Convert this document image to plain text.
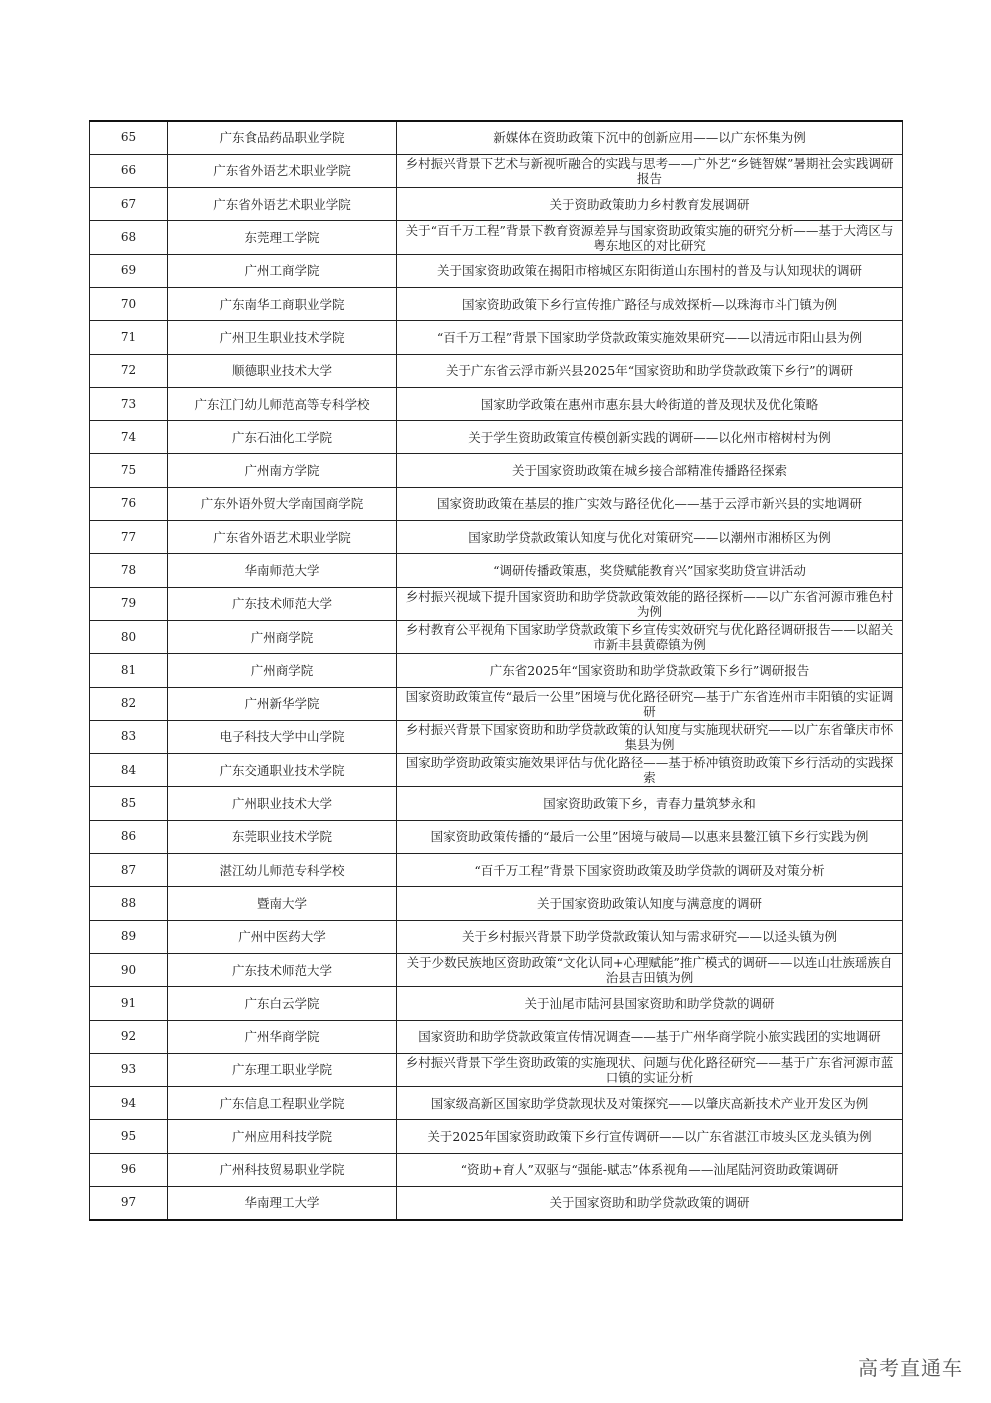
65	广东食品药品职业学院	新媒体在资助政策下沉中的创新应用——以广东怀集为例
66	广东省外语艺术职业学院	乡村振兴背景下艺术与新视听融合的实践与思考——广外艺“乡链智媒”暑期社会实践调研报告
67	广东省外语艺术职业学院	关于资助政策助力乡村教育发展调研
68	东莞理工学院	关于“百千万工程”背景下教育资源差异与国家资助政策实施的研究分析——基于大湾区与粤东地区的对比研究
69	广州工商学院	关于国家资助政策在揭阳市榕城区东阳街道山东围村的普及与认知现状的调研
70	广东南华工商职业学院	国家资助政策下乡行宣传推广路径与成效探析—以珠海市斗门镇为例
71	广州卫生职业技术学院	“百千万工程”背景下国家助学贷款政策实施效果研究——以清远市阳山县为例
72	顺德职业技术大学	关于广东省云浮市新兴县2025年“国家资助和助学贷款政策下乡行”的调研
73	广东江门幼儿师范高等专科学校	国家助学政策在惠州市惠东县大岭街道的普及现状及优化策略
74	广东石油化工学院	关于学生资助政策宣传模创新实践的调研——以化州市榕树村为例
75	广州南方学院	关于国家资助政策在城乡接合部精准传播路径探索
76	广东外语外贸大学南国商学院	国家资助政策在基层的推广实效与路径优化——基于云浮市新兴县的实地调研
77	广东省外语艺术职业学院	国家助学贷款政策认知度与优化对策研究——以潮州市湘桥区为例
78	华南师范大学	“调研传播政策惠，奖贷赋能教育兴”国家奖助贷宣讲活动
79	广东技术师范大学	乡村振兴视域下提升国家资助和助学贷款政策效能的路径探析——以广东省河源市雅色村为例
80	广州商学院	乡村教育公平视角下国家助学贷款政策下乡宣传实效研究与优化路径调研报告——以韶关市新丰县黄磜镇为例
81	广州商学院	广东省2025年“国家资助和助学贷款政策下乡行”调研报告
82	广州新华学院	国家资助政策宣传“最后一公里”困境与优化路径研究—基于广东省连州市丰阳镇的实证调研
83	电子科技大学中山学院	乡村振兴背景下国家资助和助学贷款政策的认知度与实施现状研究——以广东省肇庆市怀集县为例
84	广东交通职业技术学院	国家助学资助政策实施效果评估与优化路径——基于桥冲镇资助政策下乡行活动的实践探索
85	广州职业技术大学	国家资助政策下乡，青春力量筑梦永和
86	东莞职业技术学院	国家资助政策传播的“最后一公里”困境与破局—以惠来县鳌江镇下乡行实践为例
87	湛江幼儿师范专科学校	“百千万工程”背景下国家资助政策及助学贷款的调研及对策分析
88	暨南大学	关于国家资助政策认知度与满意度的调研
89	广州中医药大学	关于乡村振兴背景下助学贷款政策认知与需求研究——以迳头镇为例
90	广东技术师范大学	关于少数民族地区资助政策“文化认同+心理赋能”推广模式的调研——以连山壮族瑶族自治县吉田镇为例
91	广东白云学院	关于汕尾市陆河县国家资助和助学贷款的调研
92	广州华商学院	国家资助和助学贷款政策宣传情况调查——基于广州华商学院小旅实践团的实地调研
93	广东理工职业学院	乡村振兴背景下学生资助政策的实施现状、问题与优化路径研究——基于广东省河源市蓝口镇的实证分析
94	广东信息工程职业学院	国家级高新区国家助学贷款现状及对策探究——以肇庆高新技术产业开发区为例
95	广州应用科技学院	关于2025年国家资助政策下乡行宣传调研——以广东省湛江市坡头区龙头镇为例
96	广州科技贸易职业学院	“资助+育人”双驱与“强能-赋志”体系视角——汕尾陆河资助政策调研
97	华南理工大学	关于国家资助和助学贷款政策的调研
高考直通车
